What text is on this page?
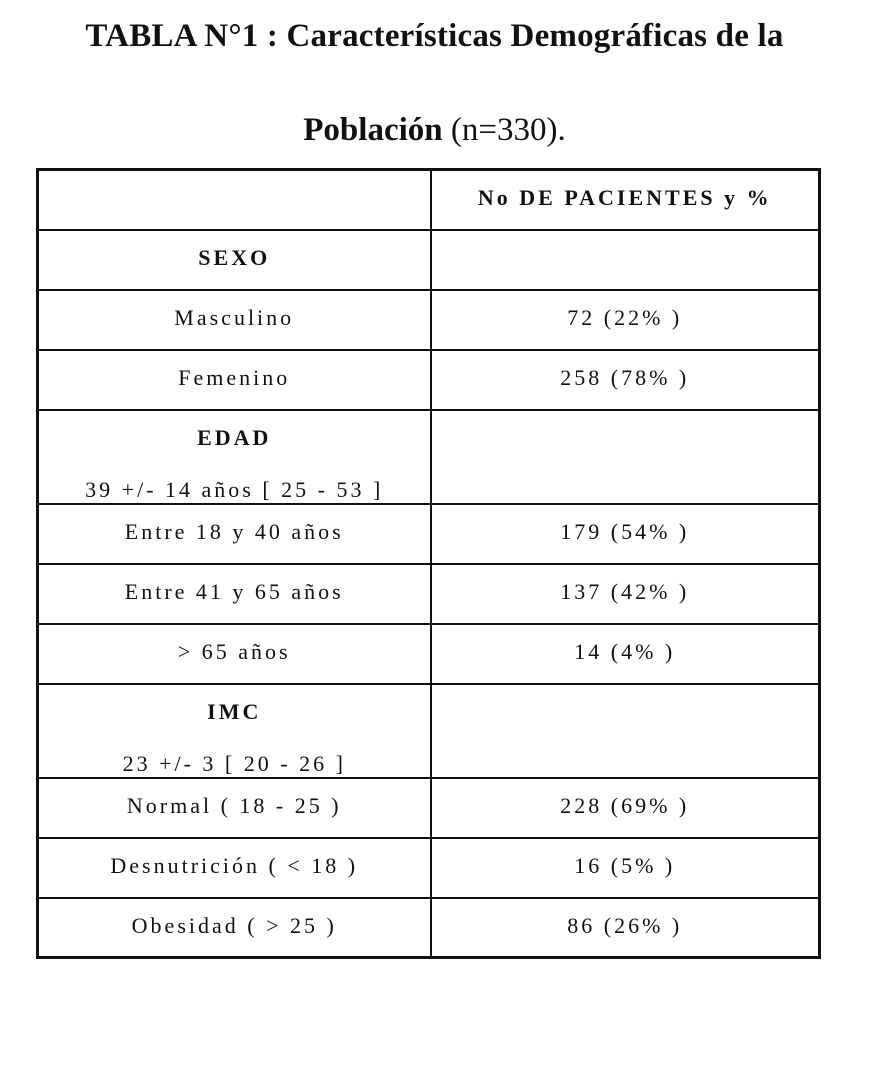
TABLA N°1 : Características Demográficas de la
Población (n=330).
	No DE PACIENTES y %
SEXO	
Masculino	72 (22% )
Femenino	258 (78% )
EDAD
39 +/- 14 años [ 25 - 53 ]	

Entre 18 y 40 años	179 (54% )
Entre 41 y 65 años	137 (42% )
> 65 años	14 (4% )
IMC
23 +/- 3 [ 20 - 26 ]	

Normal ( 18 - 25 )	228 (69% )
Desnutrición ( < 18 )	16 (5% )
Obesidad ( > 25 )	86 (26% )
